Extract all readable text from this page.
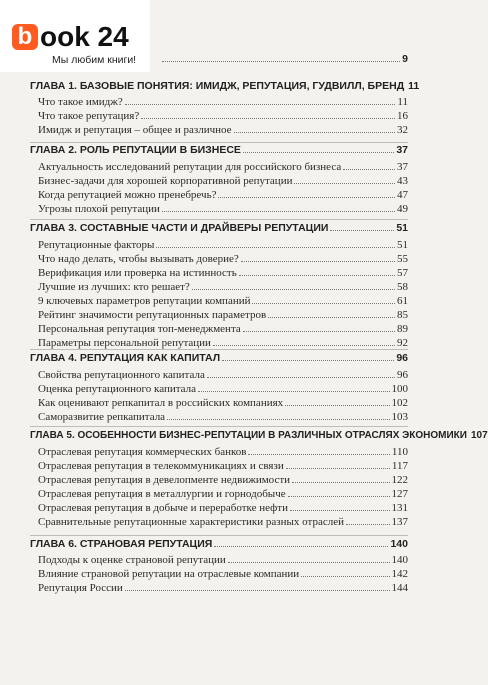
b ook 24
Мы любим книги!	9
ГЛАВА 1. БАЗОВЫЕ ПОНЯТИЯ: ИМИДЖ, РЕПУТАЦИЯ, ГУДВИЛЛ, БРЕНД 11
Что такое имидж?	11
Что такое репутация?	16
Имидж и репутация – общее и различное	32
ГЛАВА 2. РОЛЬ РЕПУТАЦИИ В БИЗНЕСЕ	37
Актуальность исследований репутации для российского бизнеса	37
Бизнес-задачи для хорошей корпоративной репутации	43
Когда репутацией можно пренебречь?	47
Угрозы плохой репутации	49
ГЛАВА 3. СОСТАВНЫЕ ЧАСТИ И ДРАЙВЕРЫ РЕПУТАЦИИ	51
Репутационные факторы	51
Что надо делать, чтобы вызывать доверие?	55
Верификация или проверка на истинность	57
Лучшие из лучших: кто решает?	58
9 ключевых параметров репутации компаний	61
Рейтинг значимости репутационных параметров	85
Персональная репутация топ-менеджмента	89
Параметры персональной репутации	92
ГЛАВА 4. РЕПУТАЦИЯ КАК КАПИТАЛ	96
Свойства репутационного капитала	96
Оценка репутационного капитала	100
Как оценивают репкапитал в российских компаниях	102
Саморазвитие репкапитала	103
ГЛАВА 5. ОСОБЕННОСТИ БИЗНЕС-РЕПУТАЦИИ В РАЗЛИЧНЫХ ОТРАСЛЯХ ЭКОНОМИКИ 107
Отраслевая репутация коммерческих банков	110
Отраслевая репутация в телекоммуникациях и связи	117
Отраслевая репутация в девелопменте недвижимости	122
Отраслевая репутация в металлургии и горнодобыче	127
Отраслевая репутация в добыче и переработке нефти	131
Сравнительные репутационные характеристики разных отраслей	137
ГЛАВА 6. СТРАНОВАЯ РЕПУТАЦИЯ	140
Подходы к оценке страновой репутации	140
Влияние страновой репутации на отраслевые компании	142
Репутация России	144
